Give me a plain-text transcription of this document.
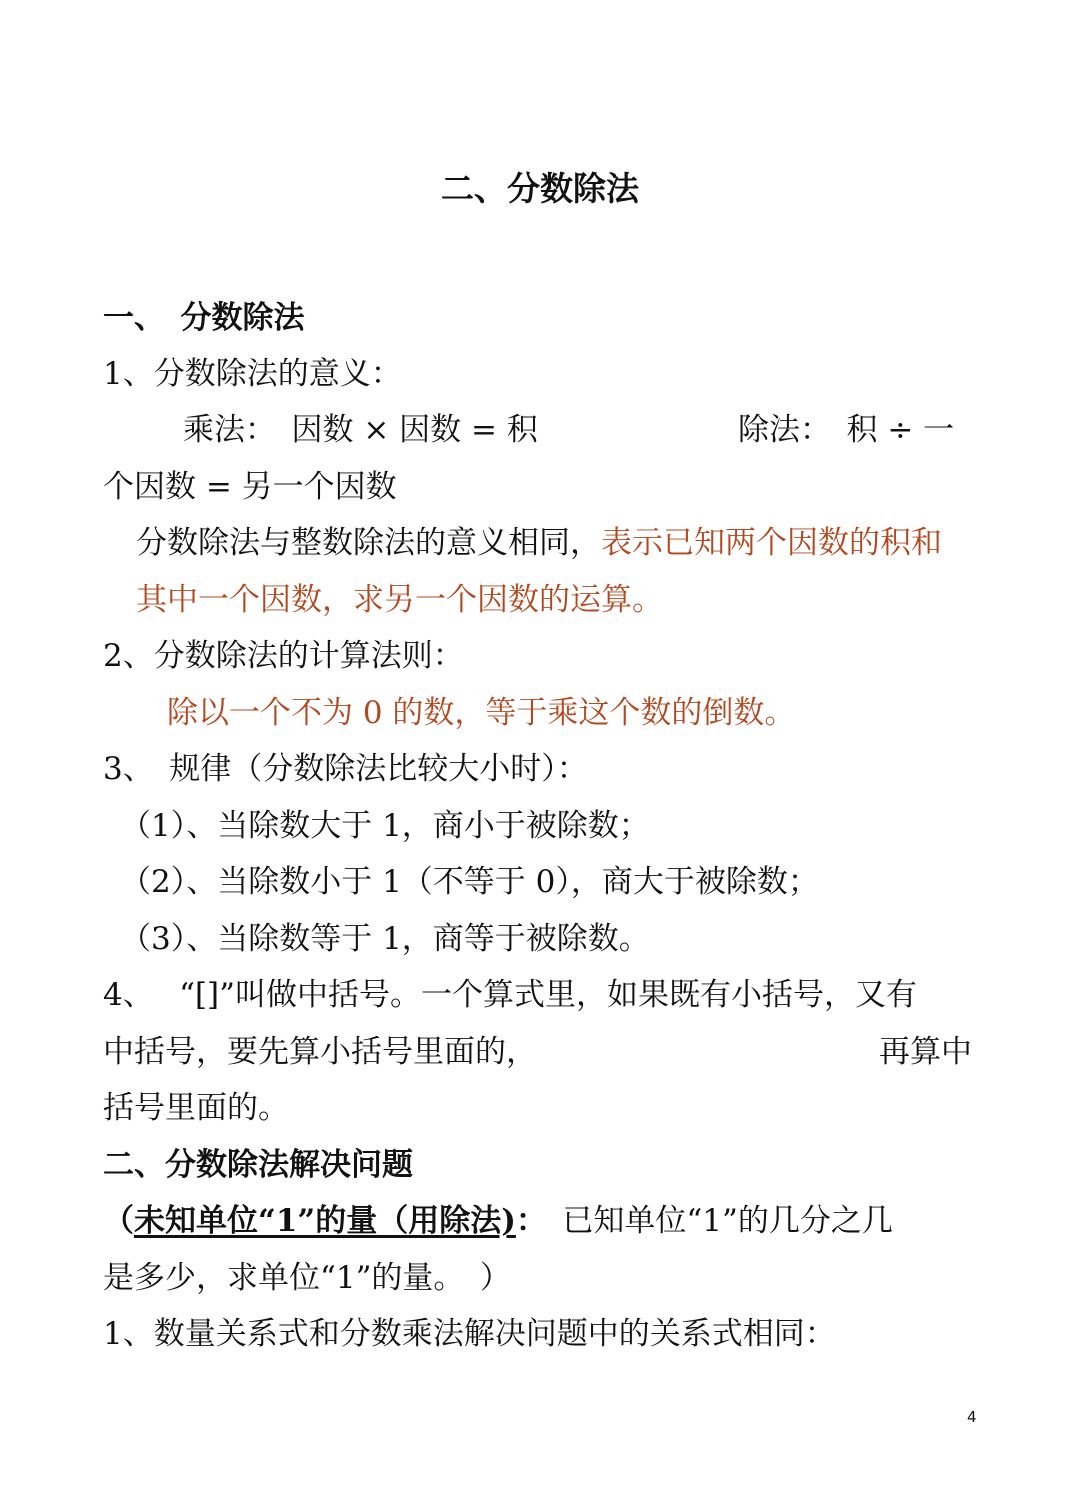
二、分数除法
一、　分数除法
1、分数除法的意义：
乘法：　因数 × 因数 = 积	除法：　积 ÷ 一
个因数 = 另一个因数
分数除法与整数除法的意义相同，表示已知两个因数的积和
其中一个因数，求另一个因数的运算。
2、分数除法的计算法则：
除以一个不为 0 的数，等于乘这个数的倒数。
3、　规律（分数除法比较大小时）：
（1）、当除数大于 1，商小于被除数；
（2）、当除数小于 1（不等于 0），商大于被除数；
（3）、当除数等于 1，商等于被除数。
4、　 “[]”叫做中括号。一个算式里，如果既有小括号，又有
中括号，要先算小括号里面的，	再算中
括号里面的。
二、分数除法解决问题
（未知单位“1”的量（用除法)：　已知单位“1”的几分之几
是多少，求单位“1”的量。　）
1、数量关系式和分数乘法解决问题中的关系式相同：
4
